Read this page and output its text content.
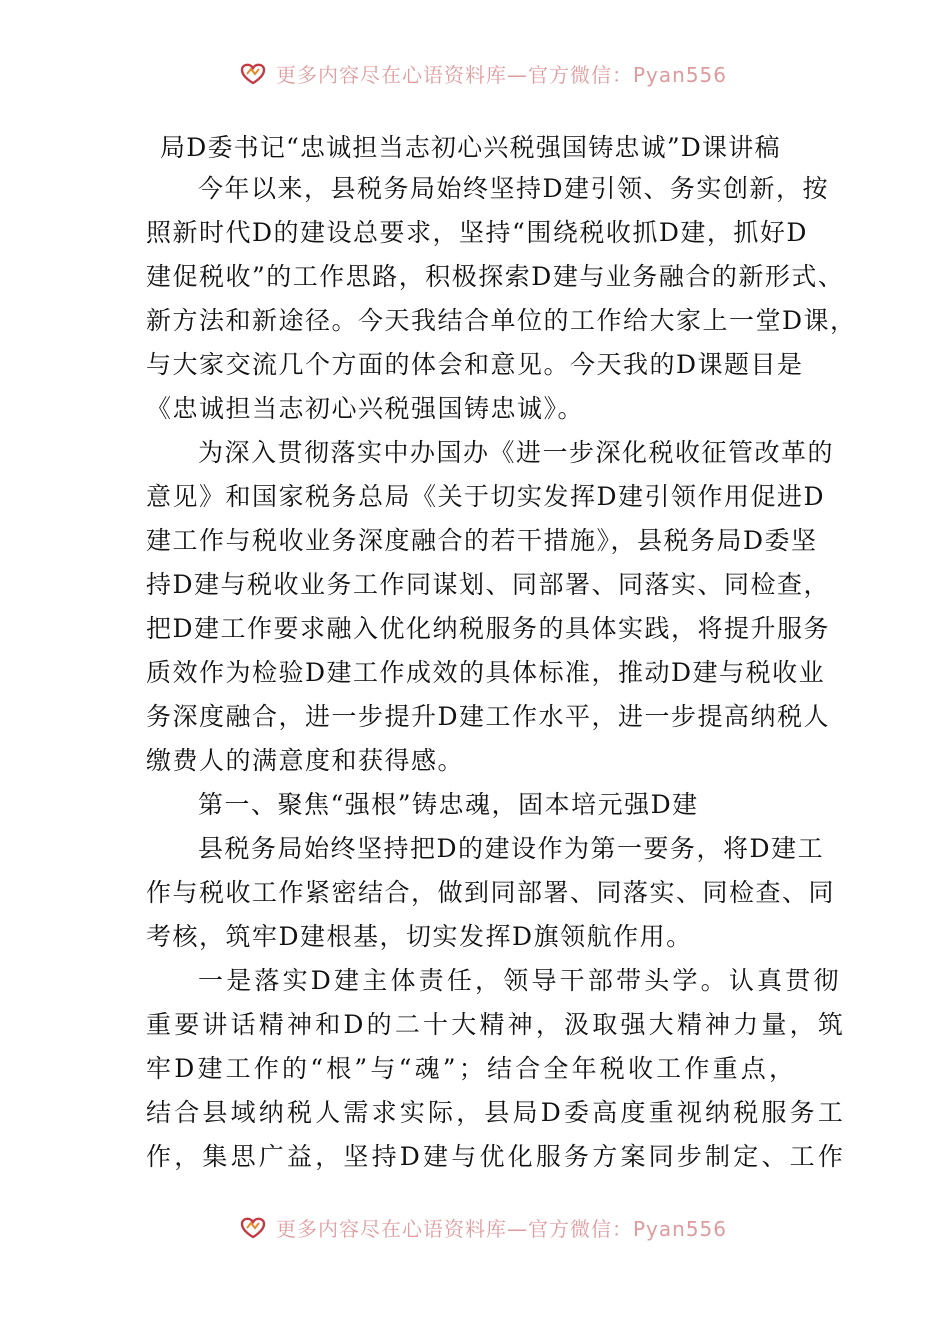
更多内容尽在心语资料库—官方微信：Pyan556
局D委书记“忠诚担当志初心兴税强国铸忠诚”D课讲稿
今年以来，县税务局始终坚持D建引领、务实创新，按
照新时代D的建设总要求，坚持“围绕税收抓D建，抓好D
建促税收”的工作思路，积极探索D建与业务融合的新形式、
新方法和新途径。今天我结合单位的工作给大家上一堂D课，
与大家交流几个方面的体会和意见。今天我的D课题目是
《忠诚担当志初心兴税强国铸忠诚》。
为深入贯彻落实中办国办《进一步深化税收征管改革的
意见》和国家税务总局《关于切实发挥D建引领作用促进D
建工作与税收业务深度融合的若干措施》，县税务局D委坚
持D建与税收业务工作同谋划、同部署、同落实、同检查，
把D建工作要求融入优化纳税服务的具体实践，将提升服务
质效作为检验D建工作成效的具体标准，推动D建与税收业
务深度融合，进一步提升D建工作水平，进一步提高纳税人
缴费人的满意度和获得感。
第一、聚焦“强根”铸忠魂，固本培元强D建
县税务局始终坚持把D的建设作为第一要务，将D建工
作与税收工作紧密结合，做到同部署、同落实、同检查、同
考核，筑牢D建根基，切实发挥D旗领航作用。
一是落实D建主体责任，领导干部带头学。认真贯彻
重要讲话精神和D的二十大精神，汲取强大精神力量，筑
牢D建工作的“根”与“魂”；结合全年税收工作重点，
结合县域纳税人需求实际，县局D委高度重视纳税服务工
作，集思广益，坚持D建与优化服务方案同步制定、工作
更多内容尽在心语资料库—官方微信：Pyan556
